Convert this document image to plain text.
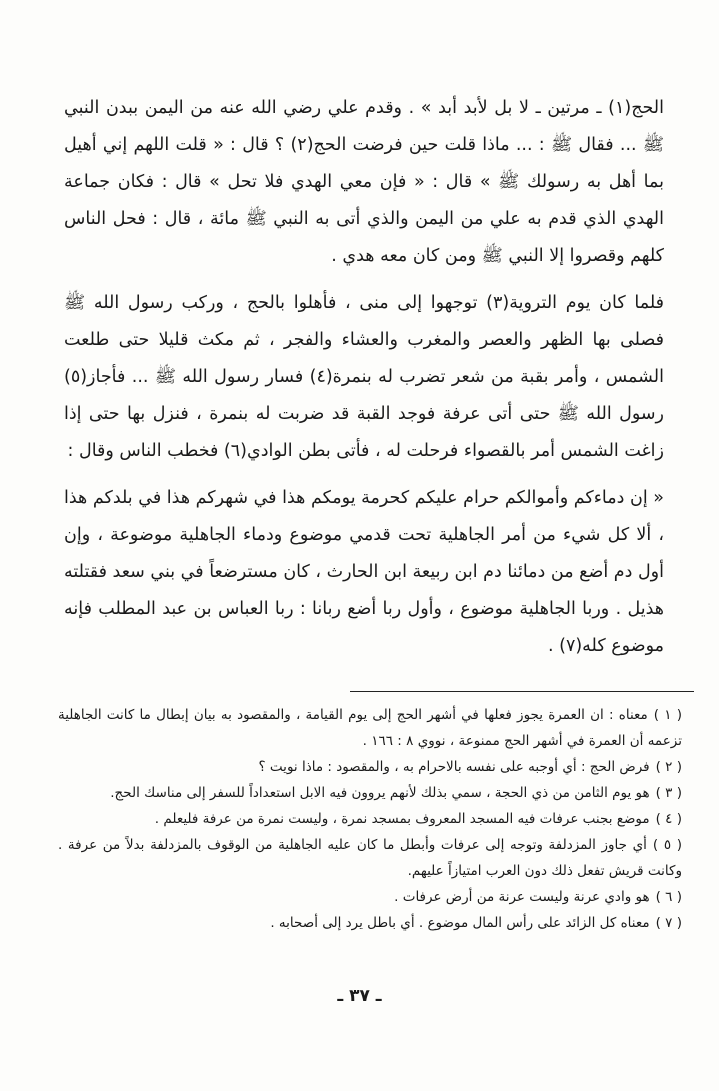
الحج(١) ـ مرتين ـ لا بل لأبد أبد » . وقدم علي رضي الله عنه من اليمن ببدن النبي ﷺ ... فقال ﷺ : ... ماذا قلت حين فرضت الحج(٢) ؟ قال : « قلت اللهم إني أهيل بما أهل به رسولك ﷺ » قال : « فإن معي الهدي فلا تحل » قال : فكان جماعة الهدي الذي قدم به علي من اليمن والذي أتى به النبي ﷺ مائة ، قال : فحل الناس كلهم وقصروا إلا النبي ﷺ ومن كان معه هدي .

فلما كان يوم التروية(٣) توجهوا إلى منى ، فأهلوا بالحج ، وركب رسول الله ﷺ فصلى بها الظهر والعصر والمغرب والعشاء والفجر ، ثم مكث قليلا حتى طلعت الشمس ، وأمر بقبة من شعر تضرب له بنمرة(٤) فسار رسول الله ﷺ ... فأجاز(٥) رسول الله ﷺ حتى أتى عرفة فوجد القبة قد ضربت له بنمرة ، فنزل بها حتى إذا زاغت الشمس أمر بالقصواء فرحلت له ، فأتى بطن الوادي(٦) فخطب الناس وقال :

« إن دماءكم وأموالكم حرام عليكم كحرمة يومكم هذا في شهركم هذا في بلدكم هذا ، ألا كل شيء من أمر الجاهلية تحت قدمي موضوع ودماء الجاهلية موضوعة ، وإن أول دم أضع من دمائنا دم ابن ربيعة ابن الحارث ، كان مسترضعاً في بني سعد فقتلته هذيل . وربا الجاهلية موضوع ، وأول ربا أضع ربانا : ربا العباس بن عبد المطلب فإنه موضوع كله(٧) .

( ١ )معناه : ان العمرة يجوز فعلها في أشهر الحج إلى يوم القيامة ، والمقصود به بيان إبطال ما كانت الجاهلية تزعمه أن العمرة في أشهر الحج ممنوعة ، نووي ٨ : ١٦٦ .
( ٢ )فرض الحج : أي أوجبه على نفسه بالاحرام به ، والمقصود : ماذا نويت ؟
( ٣ )هو يوم الثامن من ذي الحجة ، سمي بذلك لأنهم يروون فيه الابل استعداداً للسفر إلى مناسك الحج.
( ٤ )موضع بجنب عرفات فيه المسجد المعروف بمسجد نمرة ، وليست نمرة من عرفة فليعلم .
( ٥ )أي جاوز المزدلفة وتوجه إلى عرفات وأبطل ما كان عليه الجاهلية من الوقوف بالمزدلفة بدلاً من عرفة . وكانت قريش تفعل ذلك دون العرب امتيازاً عليهم.
( ٦ )هو وادي عرنة وليست عرنة من أرض عرفات .
( ٧ )معناه كل الزائد على رأس المال موضوع . أي باطل يرد إلى أصحابه .
ـ ٣٧ ـ
